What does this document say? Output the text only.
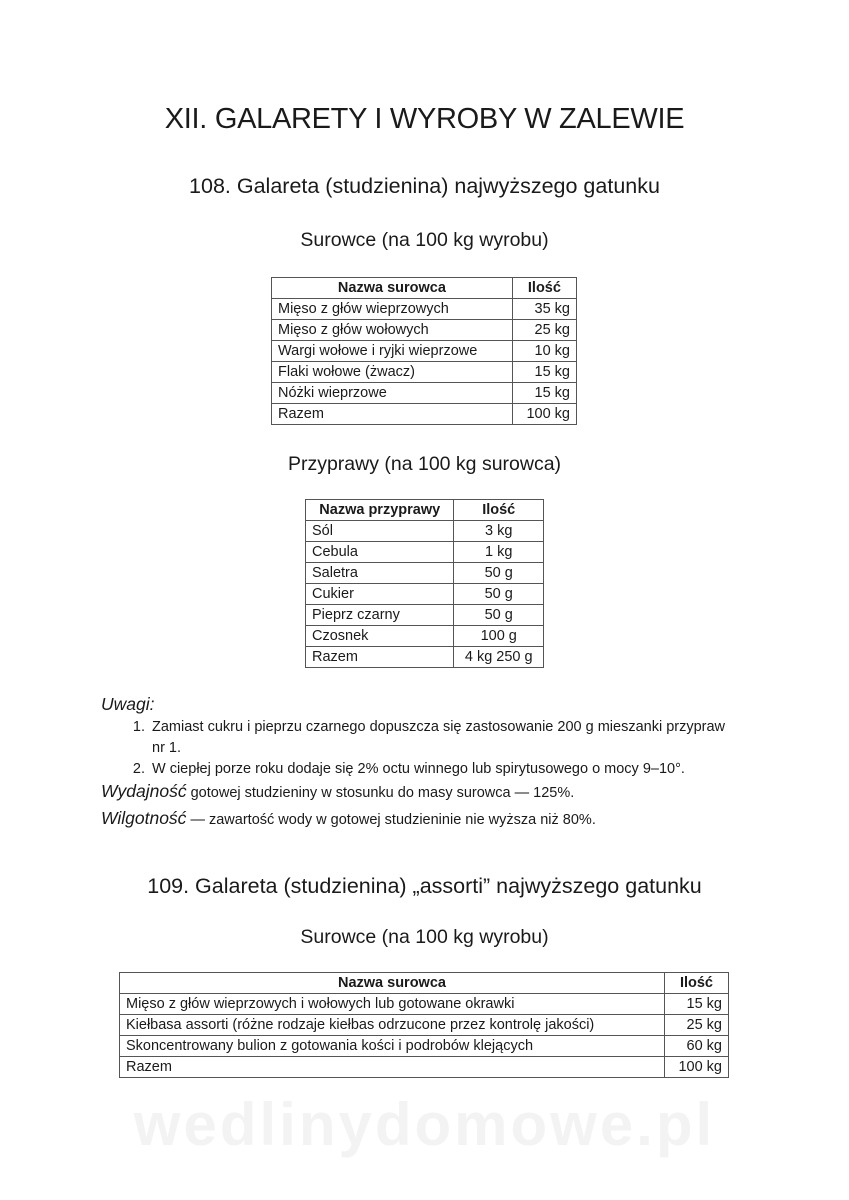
XII. GALARETY I WYROBY W ZALEWIE
108. Galareta (studzienina) najwyższego gatunku
Surowce (na 100 kg wyrobu)
Nazwa surowca	Ilość
Mięso z głów wieprzowych	35 kg
Mięso z głów wołowych	25 kg
Wargi wołowe i ryjki wieprzowe	10 kg
Flaki wołowe (żwacz)	15 kg
Nóżki wieprzowe	15 kg
Razem	100 kg
Przyprawy (na 100 kg surowca)
Nazwa przyprawy	Ilość
Sól	3 kg
Cebula	1 kg
Saletra	50 g
Cukier	50 g
Pieprz czarny	50 g
Czosnek	100 g
Razem	4 kg 250 g
Uwagi:
1. Zamiast cukru i pieprzu czarnego dopuszcza się zastosowanie 200 g mieszanki przypraw nr 1.
2. W ciepłej porze roku dodaje się 2% octu winnego lub spirytusowego o mocy 9–10°.
Wydajność gotowej studzieniny w stosunku do masy surowca — 125%.
Wilgotność — zawartość wody w gotowej studzieninie nie wyższa niż 80%.
109. Galareta (studzienina) „assorti” najwyższego gatunku
Surowce (na 100 kg wyrobu)
Nazwa surowca	Ilość
Mięso z głów wieprzowych i wołowych lub gotowane okrawki	15 kg
Kiełbasa assorti (różne rodzaje kiełbas odrzucone przez kontrolę jakości)	25 kg
Skoncentrowany bulion z gotowania kości i podrobów klejących	60 kg
Razem	100 kg
wedlinydomowe.pl
